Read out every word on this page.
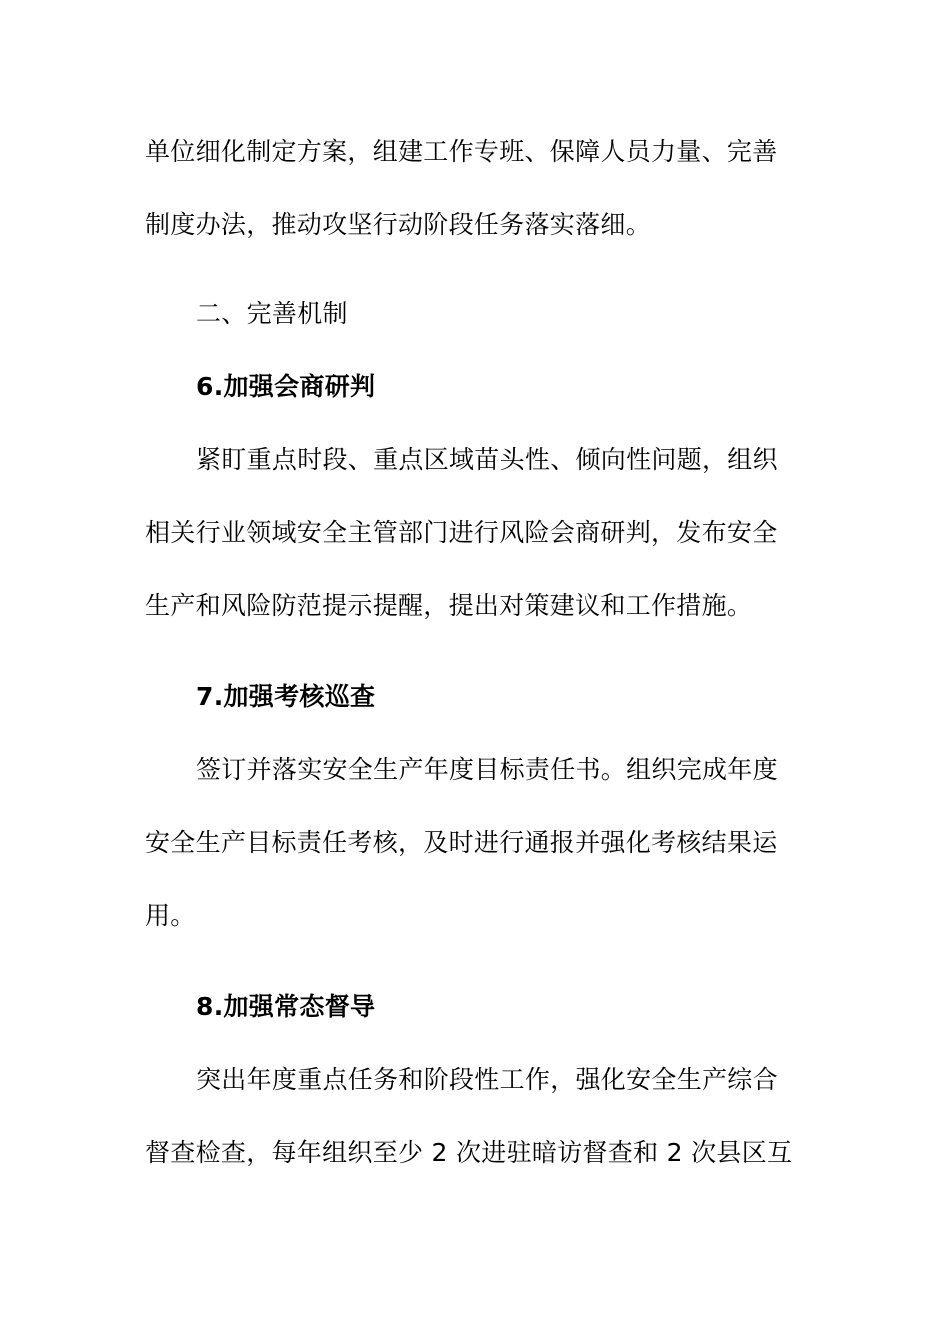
单位细化制定方案，组建工作专班、保障人员力量、完善
制度办法，推动攻坚行动阶段任务落实落细。
二、完善机制
6.加强会商研判
紧盯重点时段、重点区域苗头性、倾向性问题，组织
相关行业领域安全主管部门进行风险会商研判，发布安全
生产和风险防范提示提醒，提出对策建议和工作措施。
7.加强考核巡查
签订并落实安全生产年度目标责任书。组织完成年度
安全生产目标责任考核，及时进行通报并强化考核结果运
用。
8.加强常态督导
突出年度重点任务和阶段性工作，强化安全生产综合
督查检查，每年组织至少 2 次进驻暗访督查和 2 次县区互
